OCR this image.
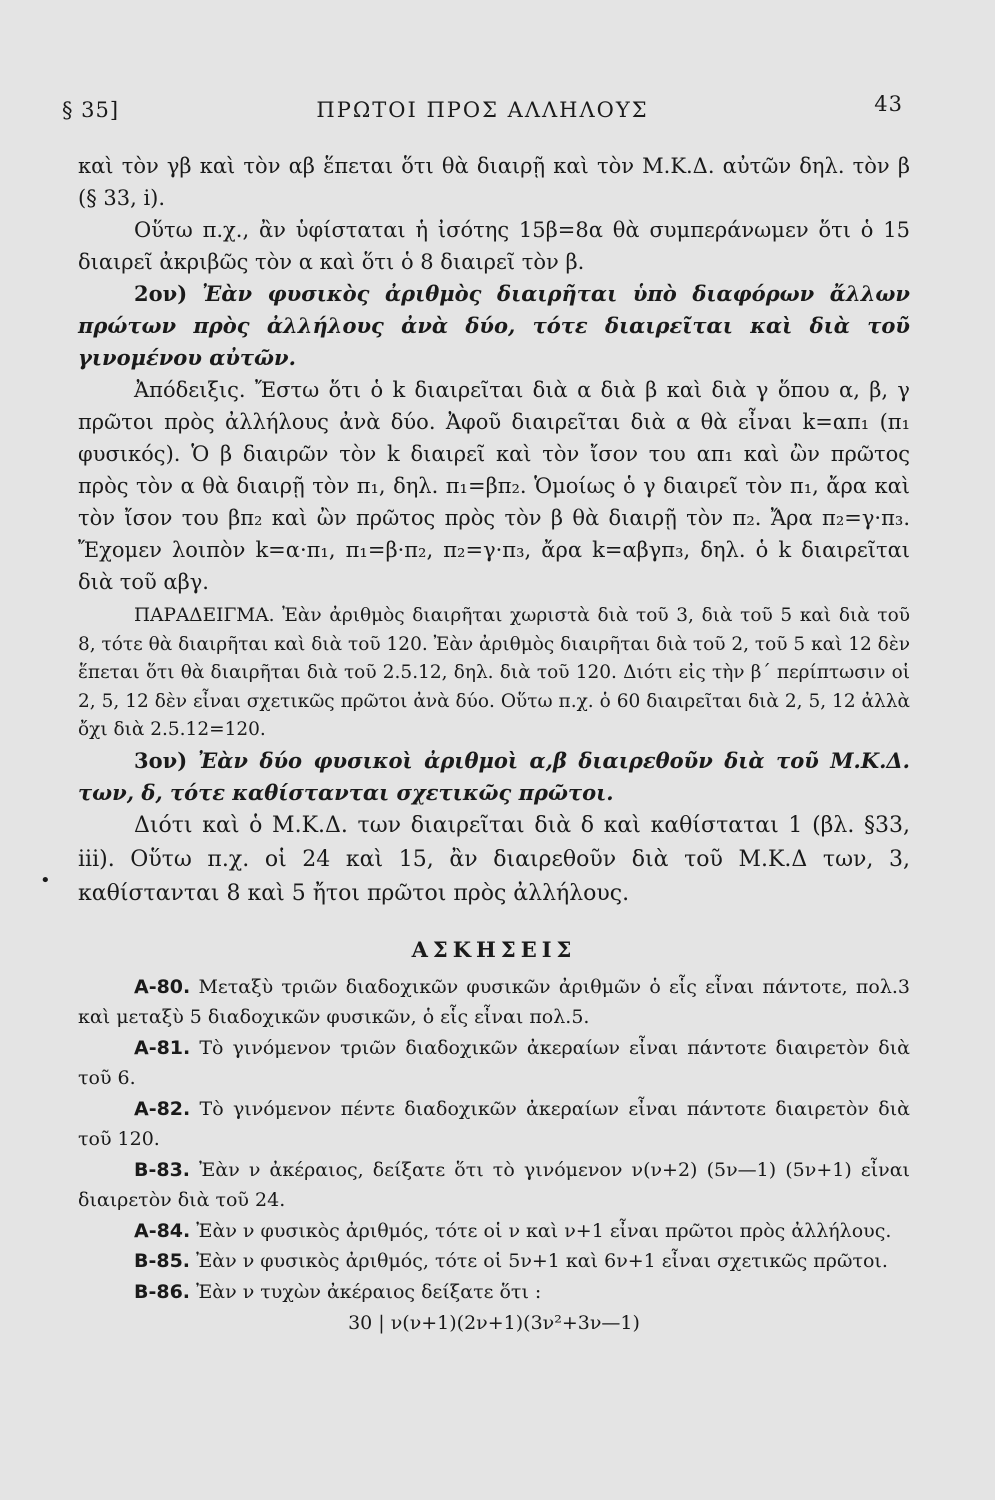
§ 35]	ΠΡΩΤΟΙ ΠΡΟΣ ΑΛΛΗΛΟΥΣ	43
•

καὶ τὸν γβ καὶ τὸν αβ ἕπεται ὅτι θὰ διαιρῇ καὶ τὸν Μ.Κ.Δ. αὐτῶν δηλ. τὸν β (§ 33, i).

Οὕτω π.χ., ἂν ὑφίσταται ἡ ἰσότης 15β=8α θὰ συμπεράνωμεν ὅτι ὁ 15 διαιρεῖ ἀκριβῶς τὸν α καὶ ὅτι ὁ 8 διαιρεῖ τὸν β.

2ον) Ἐὰν φυσικὸς ἀριθμὸς διαιρῆται ὑπὸ διαφόρων ἄλλων πρώτων πρὸς ἀλλήλους ἀνὰ δύο, τότε διαιρεῖται καὶ διὰ τοῦ γινομένου αὐτῶν.

Ἀπόδειξις. Ἔστω ὅτι ὁ k διαιρεῖται διὰ α διὰ β καὶ διὰ γ ὅπου α, β, γ πρῶτοι πρὸς ἀλλήλους ἀνὰ δύο. Ἀφοῦ διαιρεῖται διὰ α θὰ εἶναι k=απ₁ (π₁ φυσικός). Ὁ β διαιρῶν τὸν k διαιρεῖ καὶ τὸν ἴσον του απ₁ καὶ ὢν πρῶτος πρὸς τὸν α θὰ διαιρῇ τὸν π₁, δηλ. π₁=βπ₂. Ὁμοίως ὁ γ διαιρεῖ τὸν π₁, ἄρα καὶ τὸν ἴσον του βπ₂ καὶ ὢν πρῶτος πρὸς τὸν β θὰ διαιρῇ τὸν π₂. Ἄρα π₂=γ·π₃. Ἔχομεν λοιπὸν k=α·π₁, π₁=β·π₂, π₂=γ·π₃, ἄρα k=αβγπ₃, δηλ. ὁ k διαιρεῖται διὰ τοῦ αβγ.

ΠΑΡΑΔΕΙΓΜΑ. Ἐὰν ἀριθμὸς διαιρῆται χωριστὰ διὰ τοῦ 3, διὰ τοῦ 5 καὶ διὰ τοῦ 8, τότε θὰ διαιρῆται καὶ διὰ τοῦ 120. Ἐὰν ἀριθμὸς διαιρῆται διὰ τοῦ 2, τοῦ 5 καὶ 12 δὲν ἕπεται ὅτι θὰ διαιρῆται διὰ τοῦ 2.5.12, δηλ. διὰ τοῦ 120. Διότι εἰς τὴν β΄ περίπτωσιν οἱ 2, 5, 12 δὲν εἶναι σχετικῶς πρῶτοι ἀνὰ δύο. Οὕτω π.χ. ὁ 60 διαιρεῖται διὰ 2, 5, 12 ἀλλὰ ὄχι διὰ 2.5.12=120.

3ον) Ἐὰν δύο φυσικοὶ ἀριθμοὶ α,β διαιρεθοῦν διὰ τοῦ Μ.Κ.Δ. των, δ, τότε καθίστανται σχετικῶς πρῶτοι.

Διότι καὶ ὁ Μ.Κ.Δ. των διαιρεῖται διὰ δ καὶ καθίσταται 1 (βλ. §33, iii). Οὕτω π.χ. οἱ 24 καὶ 15, ἂν διαιρεθοῦν διὰ τοῦ Μ.Κ.Δ των, 3, καθίστανται 8 καὶ 5 ἤτοι πρῶτοι πρὸς ἀλλήλους.

ΑΣΚΗΣΕΙΣ

Α-80. Μεταξὺ τριῶν διαδοχικῶν φυσικῶν ἀριθμῶν ὁ εἷς εἶναι πάντοτε, πολ.3 καὶ μεταξὺ 5 διαδοχικῶν φυσικῶν, ὁ εἷς εἶναι πολ.5.

Α-81. Τὸ γινόμενον τριῶν διαδοχικῶν ἀκεραίων εἶναι πάντοτε διαιρετὸν διὰ τοῦ 6.

Α-82. Τὸ γινόμενον πέντε διαδοχικῶν ἀκεραίων εἶναι πάντοτε διαιρετὸν διὰ τοῦ 120.

Β-83. Ἐὰν ν ἀκέραιος, δείξατε ὅτι τὸ γινόμενον ν(ν+2) (5ν—1) (5ν+1) εἶναι διαιρετὸν διὰ τοῦ 24.

Α-84. Ἐὰν ν φυσικὸς ἀριθμός, τότε οἱ ν καὶ ν+1 εἶναι πρῶτοι πρὸς ἀλλήλους.

Β-85. Ἐὰν ν φυσικὸς ἀριθμός, τότε οἱ 5ν+1 καὶ 6ν+1 εἶναι σχετικῶς πρῶτοι.

Β-86. Ἐὰν ν τυχὼν ἀκέραιος δείξατε ὅτι :

30 | ν(ν+1)(2ν+1)(3ν²+3ν—1)
